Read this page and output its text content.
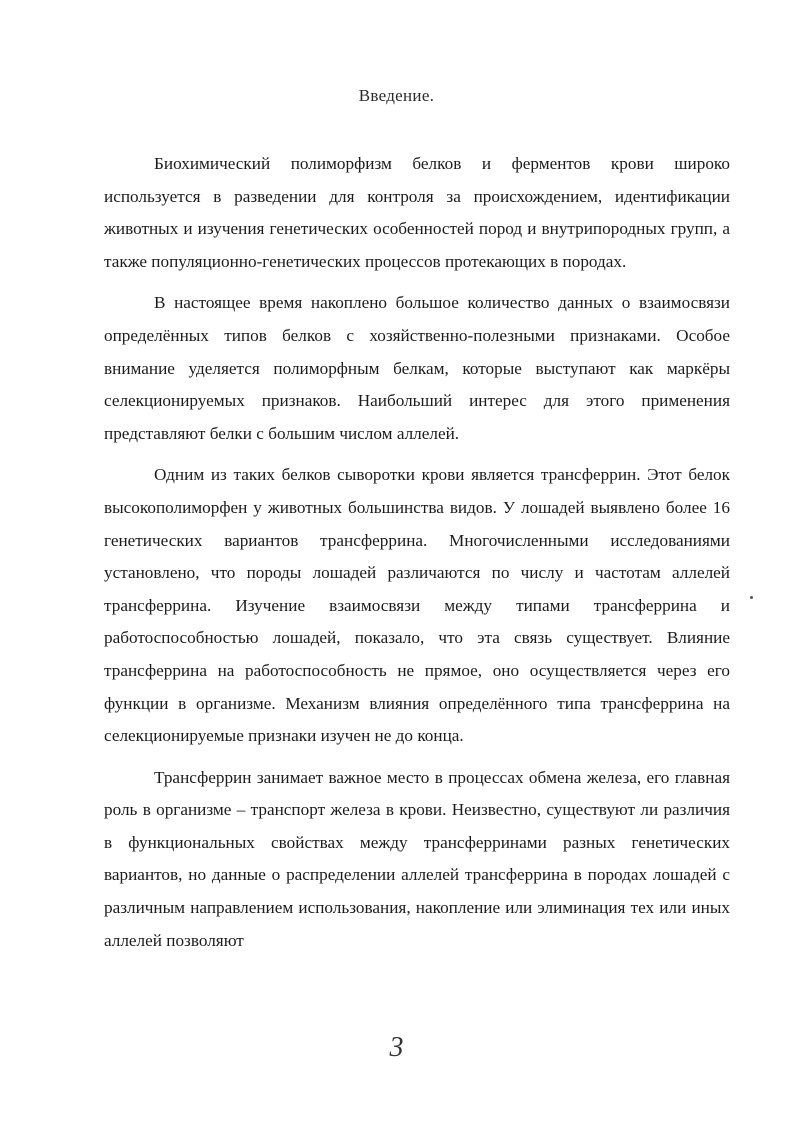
Введение.

Биохимический полиморфизм белков и ферментов крови широко используется в разведении для контроля за происхождением, идентификации животных и изучения генетических особенностей пород и внутрипородных групп, а также популяционно-генетических процессов протекающих в породах.

В настоящее время накоплено большое количество данных о взаимосвязи определённых типов белков с хозяйственно-полезными признаками. Особое внимание уделяется полиморфным белкам, которые выступают как маркёры селекционируемых признаков. Наибольший интерес для этого применения представляют белки с большим числом аллелей.

Одним из таких белков сыворотки крови является трансферрин. Этот белок высокополиморфен у животных большинства видов. У лошадей выявлено более 16 генетических вариантов трансферрина. Многочисленными исследованиями установлено, что породы лошадей различаются по числу и частотам аллелей трансферрина. Изучение взаимосвязи между типами трансферрина и работоспособностью лошадей, показало, что эта связь существует. Влияние трансферрина на работоспособность не прямое, оно осуществляется через его функции в организме. Механизм влияния определённого типа трансферрина на селекционируемые признаки изучен не до конца.

Трансферрин занимает важное место в процессах обмена железа, его главная роль в организме – транспорт железа в крови. Неизвестно, существуют ли различия в функциональных свойствах между трансферринами разных генетических вариантов, но данные о распределении аллелей трансферрина в породах лошадей с различным направлением использования, накопление или элиминация тех или иных аллелей позволяют

3
